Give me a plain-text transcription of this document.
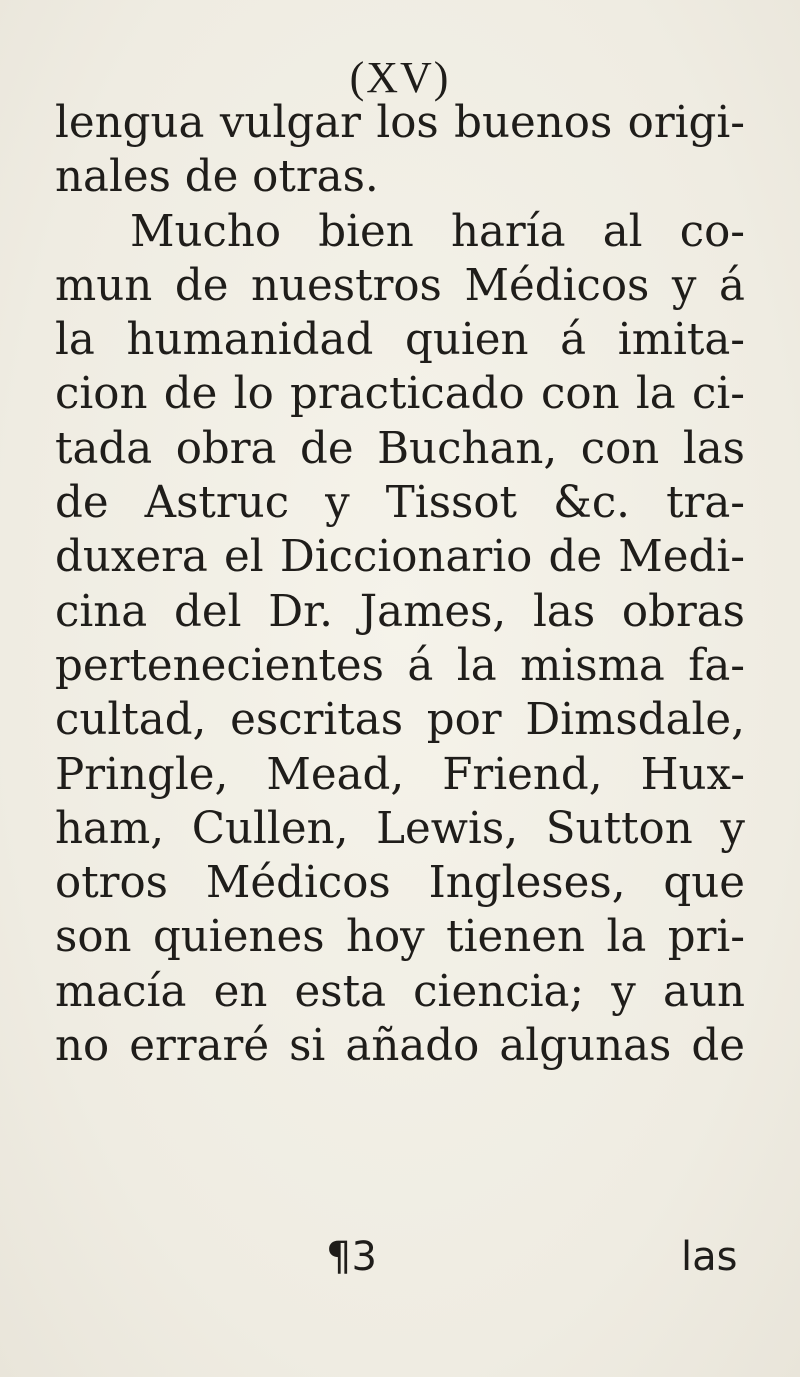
(XV)
lengua vulgar los buenos origi-
nales de otras.
Mucho bien haría al co-
mun de nuestros Médicos y á
la humanidad quien á imita-
cion de lo practicado con la ci-
tada obra de Buchan, con las
de Astruc y Tissot &c. tra-
duxera el Diccionario de Medi-
cina del Dr. James, las obras
pertenecientes á la misma fa-
cultad, escritas por Dimsdale,
Pringle, Mead, Friend, Hux-
ham, Cullen, Lewis, Sutton y
otros Médicos Ingleses, que
son quienes hoy tienen la pri-
macía en esta ciencia; y aun
no erraré si añado algunas de
¶3	las
